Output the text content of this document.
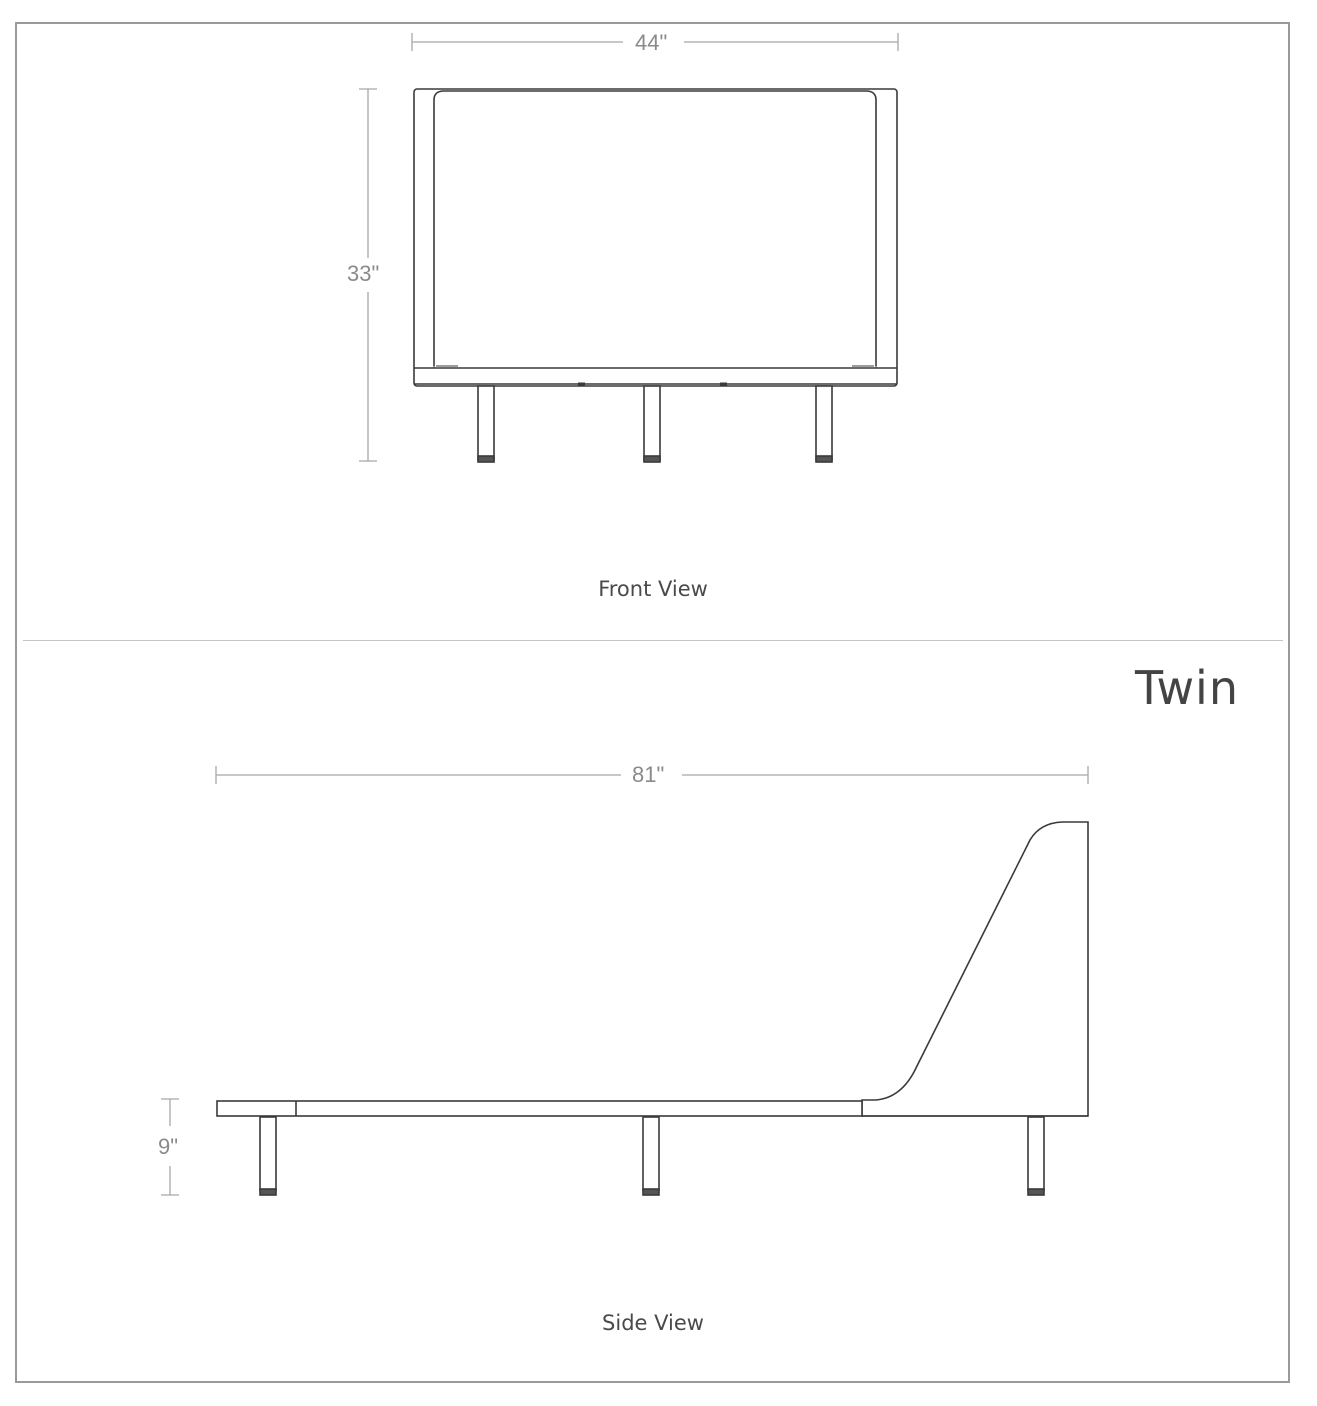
44"
33"
81"
9"
Front View
Side View
Twin
